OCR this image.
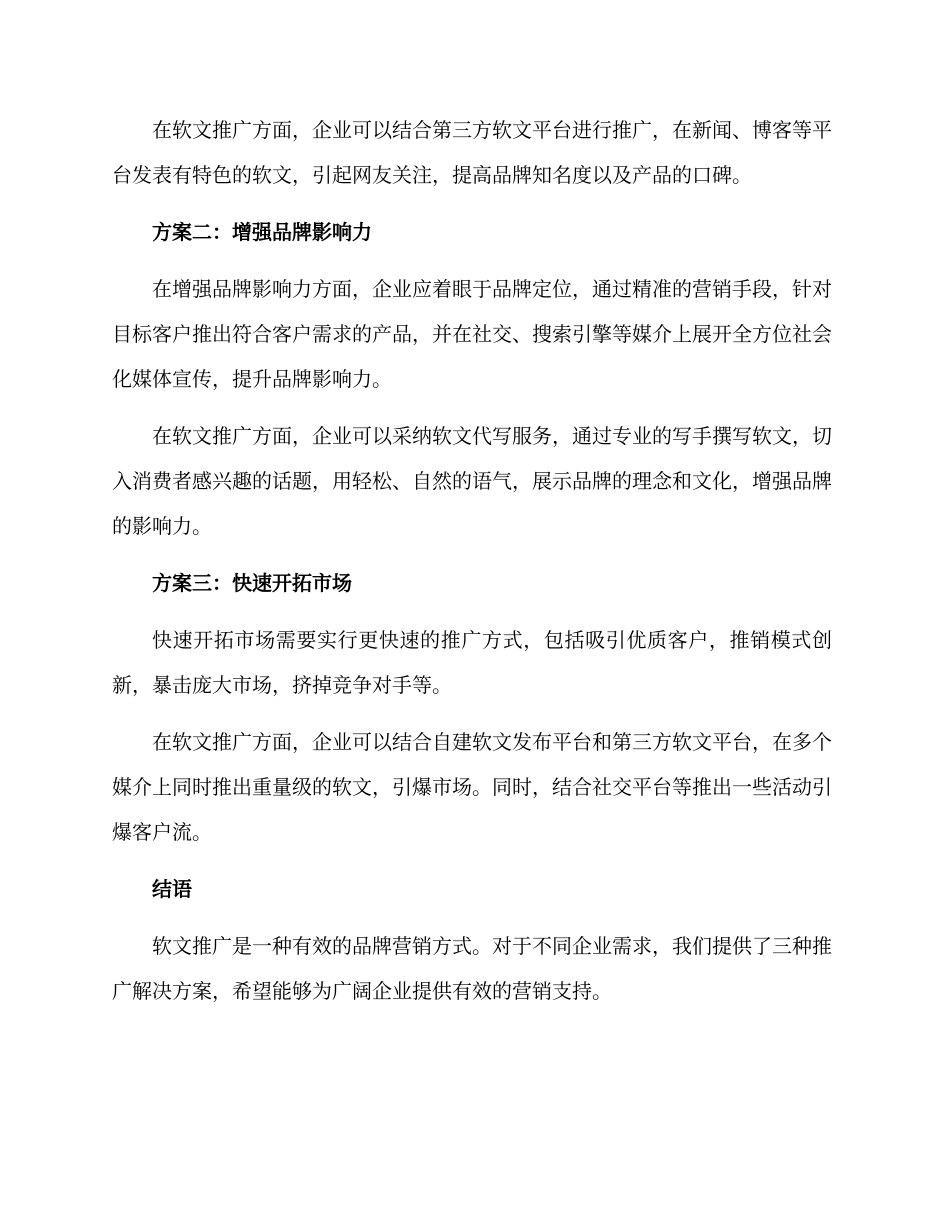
在软文推广方面，企业可以结合第三方软文平台进行推广，在新闻、博客等平台发表有特色的软文，引起网友关注，提高品牌知名度以及产品的口碑。

方案二：增强品牌影响力

在增强品牌影响力方面，企业应着眼于品牌定位，通过精准的营销手段，针对目标客户推出符合客户需求的产品，并在社交、搜索引擎等媒介上展开全方位社会化媒体宣传，提升品牌影响力。

在软文推广方面，企业可以采纳软文代写服务，通过专业的写手撰写软文，切入消费者感兴趣的话题，用轻松、自然的语气，展示品牌的理念和文化，增强品牌的影响力。

方案三：快速开拓市场

快速开拓市场需要实行更快速的推广方式，包括吸引优质客户，推销模式创新，暴击庞大市场，挤掉竞争对手等。

在软文推广方面，企业可以结合自建软文发布平台和第三方软文平台，在多个媒介上同时推出重量级的软文，引爆市场。同时，结合社交平台等推出一些活动引爆客户流。

结语

软文推广是一种有效的品牌营销方式。对于不同企业需求，我们提供了三种推广解决方案，希望能够为广阔企业提供有效的营销支持。
